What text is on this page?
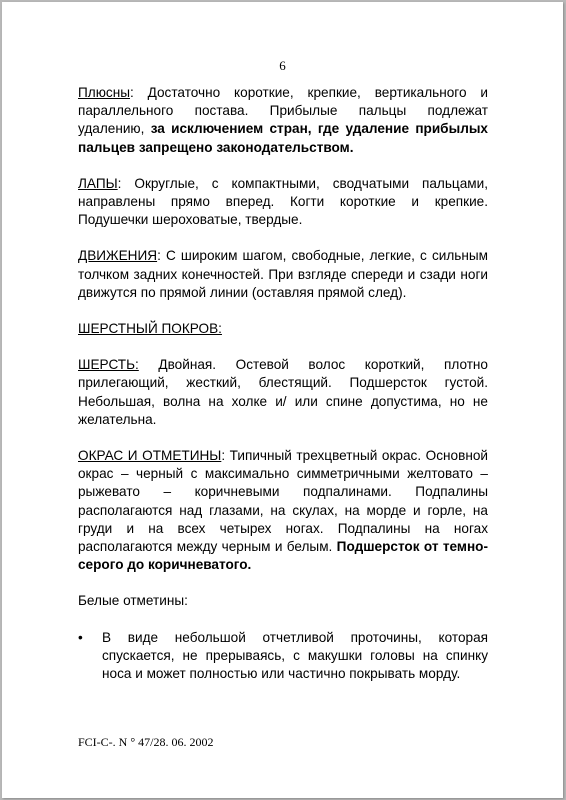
6

Плюсны: Достаточно короткие, крепкие, вертикального и параллельного постава. Прибылые пальцы подлежат удалению, за исключением стран, где удаление прибылых пальцев запрещено законодательством.

ЛАПЫ: Округлые, с компактными, сводчатыми пальцами, направлены прямо вперед. Когти короткие и крепкие. Подушечки шероховатые, твердые.

ДВИЖЕНИЯ: С широким шагом, свободные, легкие, с сильным толчком задних конечностей. При взгляде спереди и сзади ноги движутся по прямой линии (оставляя прямой след).

ШЕРСТНЫЙ ПОКРОВ:

ШЕРСТЬ: Двойная. Остевой волос короткий, плотно прилегающий, жесткий, блестящий. Подшерсток густой. Небольшая, волна на холке и/ или спине допустима, но не желательна.

ОКРАС И ОТМЕТИНЫ: Типичный трехцветный окрас. Основной окрас – черный с максимально симметричными желтовато – рыжевато – коричневыми подпалинами. Подпалины располагаются над глазами, на скулах, на морде и горле, на груди и на всех четырех ногах. Подпалины на ногах располагаются между черным и белым. Подшерсток от темно-серого до коричневатого.

Белые отметины:

•	В виде небольшой отчетливой проточины, которая спускается, не прерываясь, с макушки головы на спинку носа и может полностью или частично покрывать морду.
FCI-C-. N ° 47/28. 06. 2002
